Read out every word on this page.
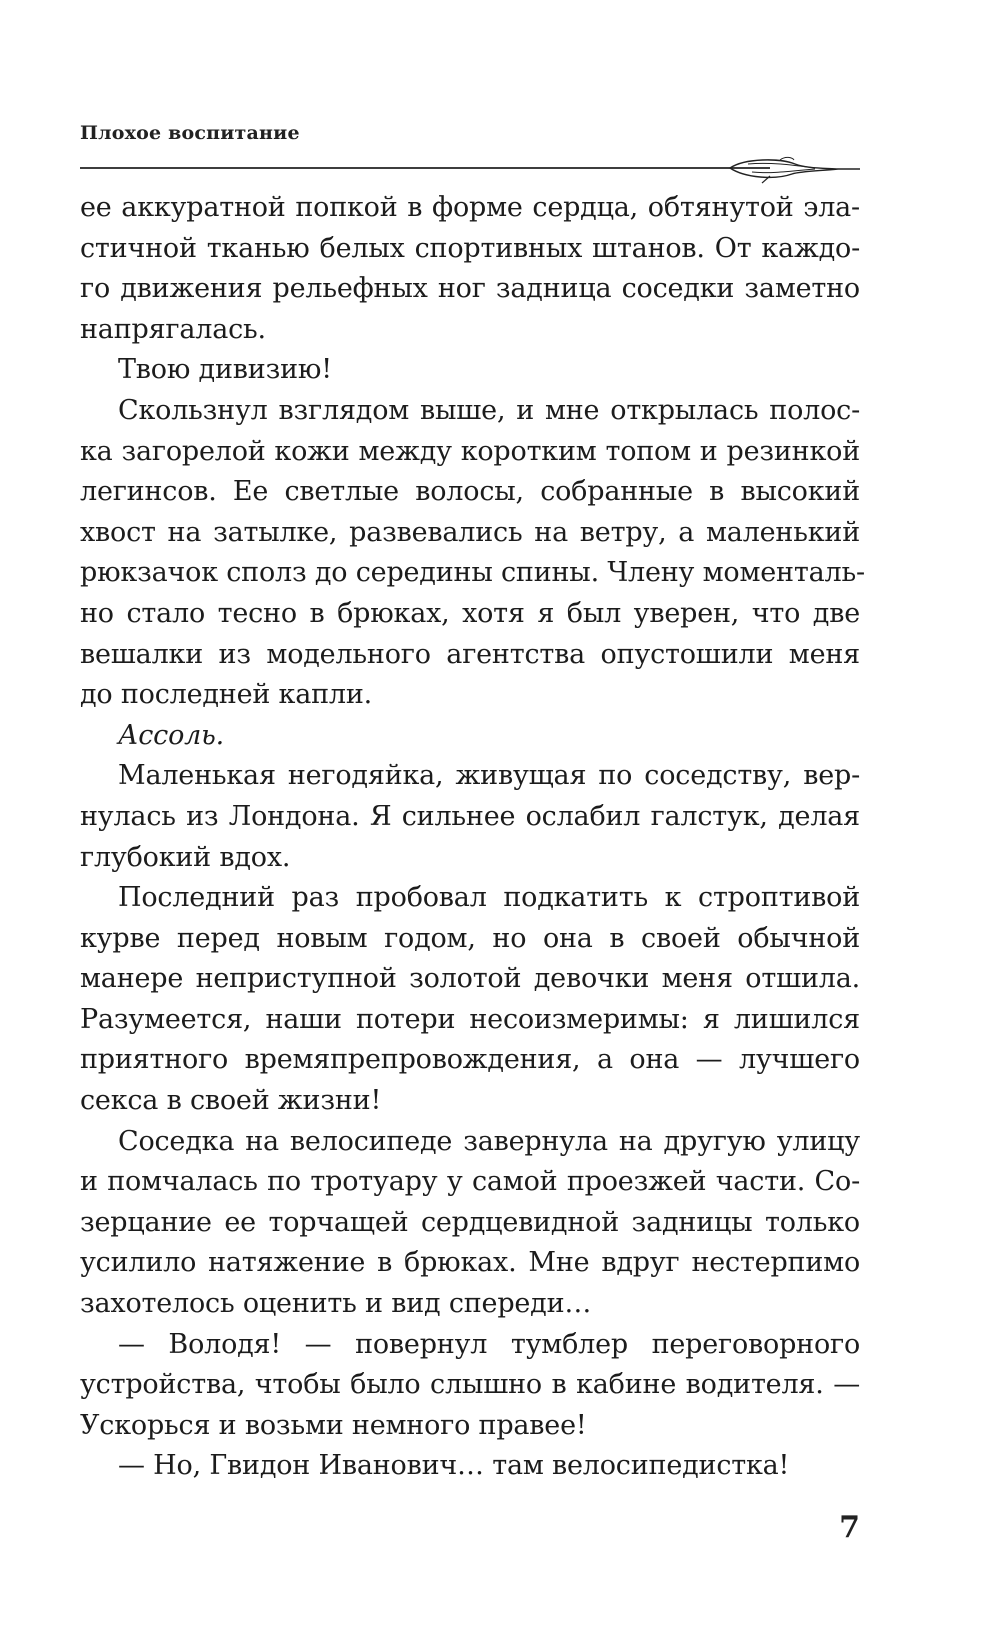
Плохое воспитание
ее аккуратной попкой в форме сердца, обтянутой эла-
стичной тканью белых спортивных штанов. От каждо-
го движения рельефных ног задница соседки заметно
напрягалась.
Твою дивизию!
Скользнул взглядом выше, и мне открылась полос-
ка загорелой кожи между коротким топом и резинкой
легинсов. Ее светлые волосы, собранные в высокий
хвост на затылке, развевались на ветру, а маленький
рюкзачок сполз до середины спины. Члену моменталь-
но стало тесно в брюках, хотя я был уверен, что две
вешалки из модельного агентства опустошили меня
до последней капли.
Ассоль.
Маленькая негодяйка, живущая по соседству, вер-
нулась из Лондона. Я сильнее ослабил галстук, делая
глубокий вдох.
Последний раз пробовал подкатить к строптивой
курве перед новым годом, но она в своей обычной
манере неприступной золотой девочки меня отшила.
Разумеется, наши потери несоизмеримы: я лишился
приятного времяпрепровождения, а она — лучшего
секса в своей жизни!
Соседка на велосипеде завернула на другую улицу
и помчалась по тротуару у самой проезжей части. Со-
зерцание ее торчащей сердцевидной задницы только
усилило натяжение в брюках. Мне вдруг нестерпимо
захотелось оценить и вид спереди…
— Володя! — повернул тумблер переговорного
устройства, чтобы было слышно в кабине водителя. —
Ускорься и возьми немного правее!
— Но, Гвидон Иванович… там велосипедистка!
7
